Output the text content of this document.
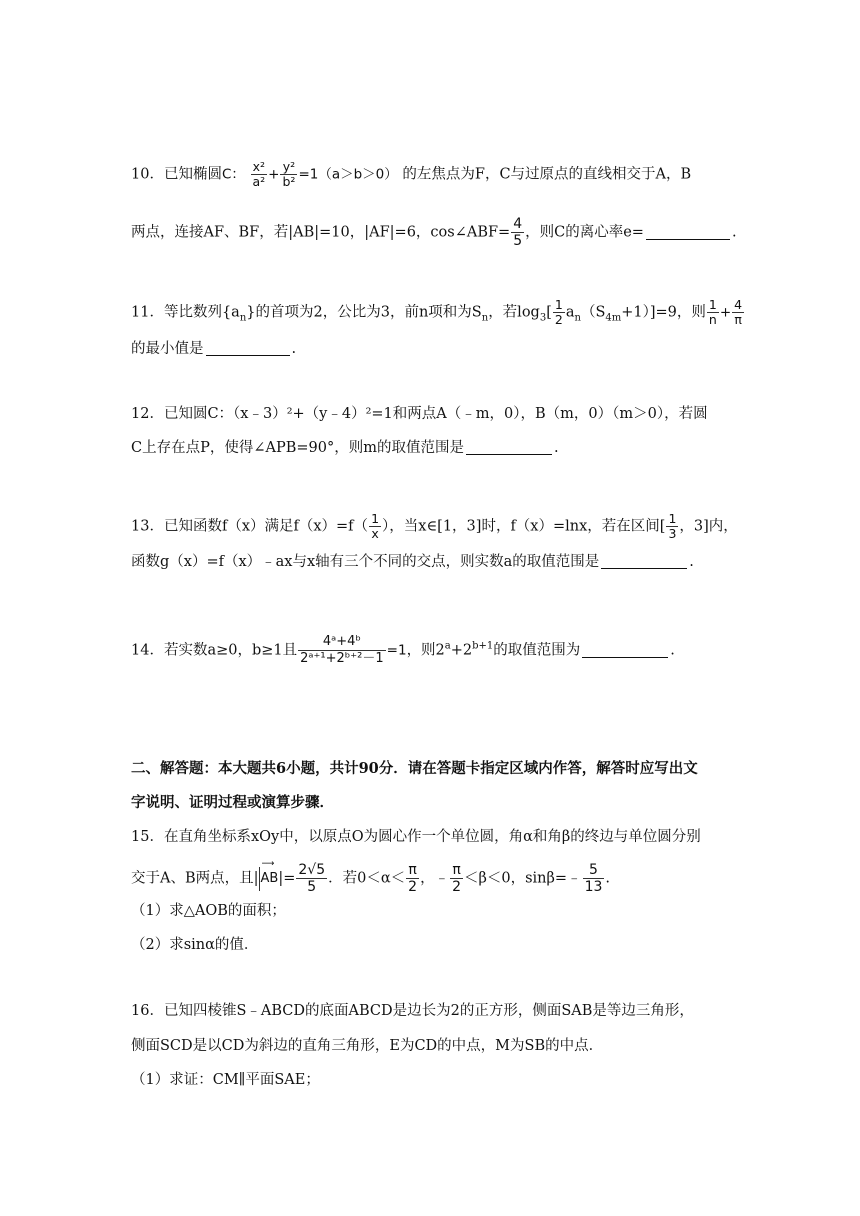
10．已知椭圆C： $\frac{\text{x²}}{\text{a²}} + \frac{\text{y²}}{\text{b²}} =1(a>b>0)$ 的左焦点为F，C与过原点的直线相交于A，B
两点，连接AF、BF，若|AB|=10，|AF|=6，cos∠ABF= $\frac{4}{5}$ ，则C的离心率e=	.
11．等比数列$\{a_n\}$的首项为2，公比为3，前n项和为$S_n$，若$\log_3[ \frac{1}{2} a_n(S_{4m}+1)]=9$，则 $\frac{1}{n} + \frac{4}{\pi}$
的最小值是	.
12．已知圆C：（x﹣3）²+（y﹣4）²=1和两点A（﹣m，0），B（m，0）（m＞0），若圆
C上存在点P，使得∠APB=90°，则m的取值范围是	.
13．已知函数f（x）满足$f(x)=f( \frac{1}{x}$ ），当x∈[1，3]时，f（x）=lnx，若在区间[ $\frac{1}{3}$ ，3]内，
函数g（x）=f（x）﹣ax与x轴有三个不同的交点，则实数a的取值范围是	.
14．若实数a≥0，b≥1且 $\frac{\text{4ᵃ+4ᵇ}}{\text{2ᵃ⁺¹+2ᵇ⁺²－1}} =1$，则$2^a+2^{b+1}$的取值范围为	.
二、解答题：本大题共6小题，共计90分．请在答题卡指定区域内作答，解答时应写出文
字说明、证明过程或演算步骤．
15．在直角坐标系xOy中，以原点O为圆心作一个单位圆，角α和角β的终边与单位圆分别
交于A、B两点，且|
⟶
$AB|= \frac{2√5}{5}$ ．若$0<\alpha< \frac{\pi}{2}$ ，﹣ $\frac{\pi}{2} <\beta<0$，sinβ=﹣ $\frac{5}{13}$ .
（1）求△AOB的面积；
（2）求sinα的值．
16．已知四棱锥S﹣ABCD的底面ABCD是边长为2的正方形，侧面SAB是等边三角形，
侧面SCD是以CD为斜边的直角三角形，E为CD的中点，M为SB的中点．
（1）求证：CM∥平面SAE；
